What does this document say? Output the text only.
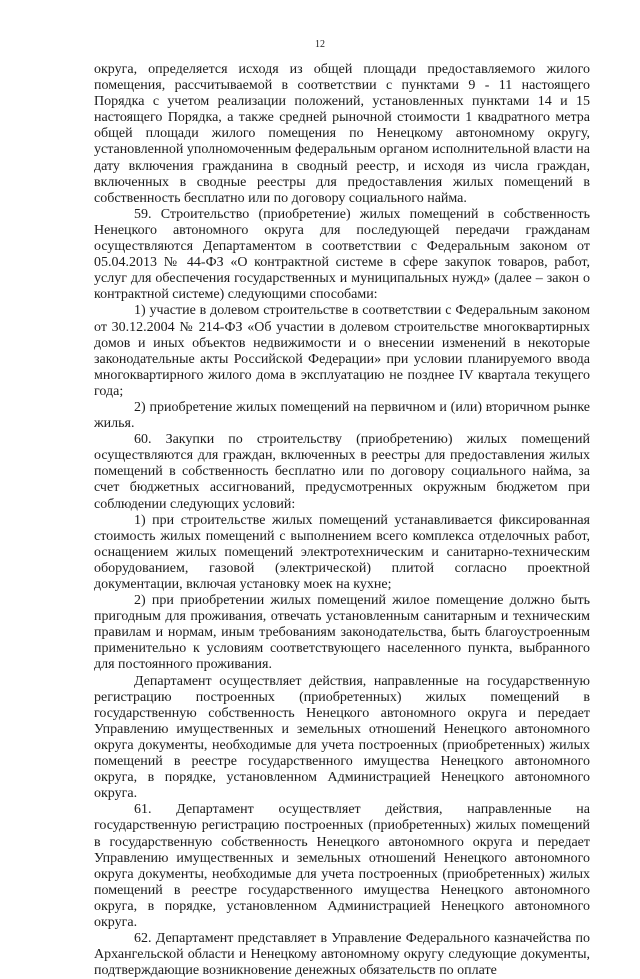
12

округа, определяется исходя из общей площади предоставляемого жилого помещения, рассчитываемой в соответствии с пунктами 9 - 11 настоящего Порядка с учетом реализации положений, установленных пунктами 14 и 15 настоящего Порядка, а также средней рыночной стоимости 1 квадратного метра общей площади жилого помещения по Ненецкому автономному округу, установленной уполномоченным федеральным органом исполнительной власти на дату включения гражданина в сводный реестр, и исходя из числа граждан, включенных в сводные реестры для предоставления жилых помещений в собственность бесплатно или по договору социального найма.

59. Строительство (приобретение) жилых помещений в собственность Ненецкого автономного округа для последующей передачи гражданам осуществляются Департаментом в соответствии с Федеральным законом от 05.04.2013 № 44-ФЗ «О контрактной системе в сфере закупок товаров, работ, услуг для обеспечения государственных и муниципальных нужд» (далее – закон о контрактной системе) следующими способами:

1) участие в долевом строительстве в соответствии с Федеральным законом от 30.12.2004 № 214-ФЗ «Об участии в долевом строительстве многоквартирных домов и иных объектов недвижимости и о внесении изменений в некоторые законодательные акты Российской Федерации» при условии планируемого ввода многоквартирного жилого дома в эксплуатацию не позднее IV квартала текущего года;

2) приобретение жилых помещений на первичном и (или) вторичном рынке жилья.

60. Закупки по строительству (приобретению) жилых помещений осуществляются для граждан, включенных в реестры для предоставления жилых помещений в собственность бесплатно или по договору социального найма, за счет бюджетных ассигнований, предусмотренных окружным бюджетом при соблюдении следующих условий:

1) при строительстве жилых помещений устанавливается фиксированная стоимость жилых помещений с выполнением всего комплекса отделочных работ, оснащением жилых помещений электротехническим и санитарно-техническим оборудованием, газовой (электрической) плитой согласно проектной документации, включая установку моек на кухне;

2) при приобретении жилых помещений жилое помещение должно быть пригодным для проживания, отвечать установленным санитарным и техническим правилам и нормам, иным требованиям законодательства, быть благоустроенным применительно к условиям соответствующего населенного пункта, выбранного для постоянного проживания.

Департамент осуществляет действия, направленные на государственную регистрацию построенных (приобретенных) жилых помещений в государственную собственность Ненецкого автономного округа и передает Управлению имущественных и земельных отношений Ненецкого автономного округа документы, необходимые для учета построенных (приобретенных) жилых помещений в реестре государственного имущества Ненецкого автономного округа, в порядке, установленном Администрацией Ненецкого автономного округа.

61. Департамент осуществляет действия, направленные на государственную регистрацию построенных (приобретенных) жилых помещений в государственную собственность Ненецкого автономного округа и передает Управлению имущественных и земельных отношений Ненецкого автономного округа документы, необходимые для учета построенных (приобретенных) жилых помещений в реестре государственного имущества Ненецкого автономного округа, в порядке, установленном Администрацией Ненецкого автономного округа.

62. Департамент представляет в Управление Федерального казначейства по Архангельской области и Ненецкому автономному округу следующие документы, подтверждающие возникновение денежных обязательств по оплате
